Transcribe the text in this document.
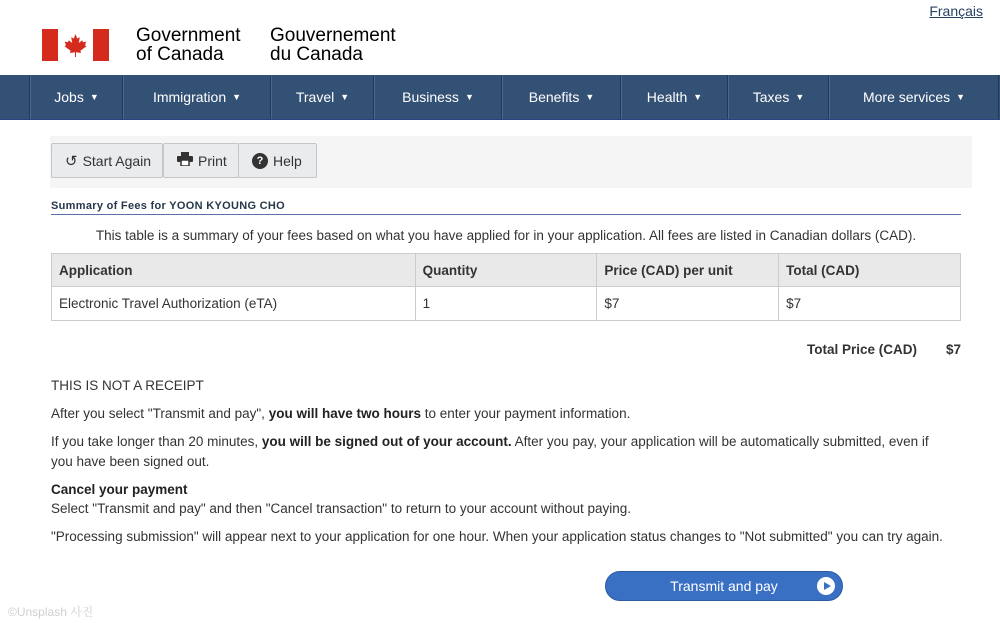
Français
Government
of Canada
Gouvernement
du Canada
Jobs ▼	Immigration ▼	Travel ▼	Business ▼	Benefits ▼	Health ▼	Taxes ▼	More services ▼
↺ Start Again	Print	? Help
Summary of Fees for YOON KYOUNG CHO
This table is a summary of your fees based on what you have applied for in your application. All fees are listed in Canadian dollars (CAD).
Application	Quantity	Price (CAD) per unit	Total (CAD)
Electronic Travel Authorization (eTA)	1	$7	$7
Total Price (CAD) $7
THIS IS NOT A RECEIPT
After you select "Transmit and pay", you will have two hours to enter your payment information.
If you take longer than 20 minutes, you will be signed out of your account. After you pay, your application will be automatically submitted, even if you have been signed out.
Cancel your payment
Select "Transmit and pay" and then "Cancel transaction" to return to your account without paying.
"Processing submission" will appear next to your application for one hour. When your application status changes to "Not submitted" you can try again.
Transmit and pay
©Unsplash 사진
